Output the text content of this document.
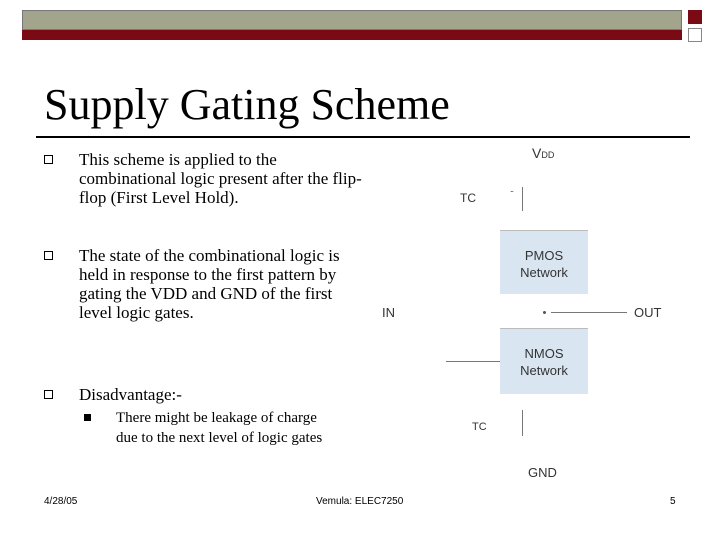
Supply Gating Scheme
This scheme is applied to the combinational logic present after the flip-flop (First Level Hold).
The state of the combinational logic is held in response to the first pattern by gating the VDD and GND of the first level logic gates.
Disadvantage:-
There might be leakage of charge due to the next level of logic gates
VDD
TC
PMOS
Network
IN	OUT
NMOS
Network
TC
GND
4/28/05	Vemula: ELEC7250	5
